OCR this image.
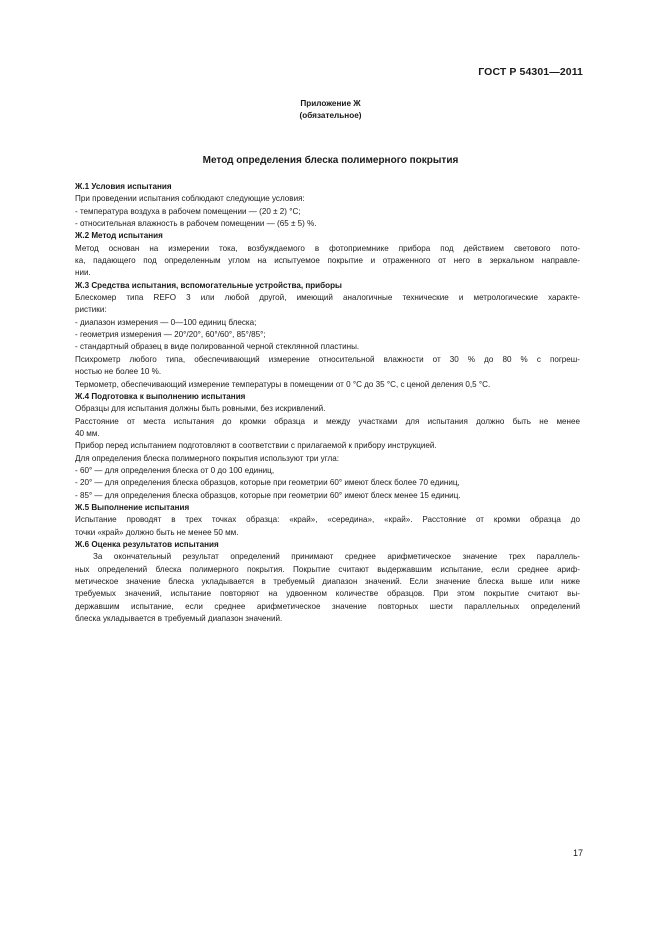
ГОСТ Р 54301—2011
Приложение Ж
(обязательное)
Метод определения блеска полимерного покрытия

Ж.1 Условия испытания

При проведении испытания соблюдают следующие условия:

- температура воздуха в рабочем помещении — (20 ± 2) °С;

- относительная влажность в рабочем помещении — (65 ± 5) %.

Ж.2 Метод испытания

Метод основан на измерении тока, возбуждаемого в фотоприемнике прибора под действием светового пото-

ка, падающего под определенным углом на испытуемое покрытие и отраженного от него в зеркальном направле-

нии.

Ж.3 Средства испытания, вспомогательные устройства, приборы

Блескомер типа REFO 3 или любой другой, имеющий аналогичные технические и метрологические характе-

ристики:

- диапазон измерения — 0—100 единиц блеска;

- геометрия измерения — 20°/20°, 60°/60°, 85°/85°;

- стандартный образец в виде полированной черной стеклянной пластины.

Психрометр любого типа, обеспечивающий измерение относительной влажности от 30 % до 80 % с погреш-

ностью не более 10 %.

Термометр, обеспечивающий измерение температуры в помещении от 0 °С до 35 °С, с ценой деления 0,5 °С.

Ж.4 Подготовка к выполнению испытания

Образцы для испытания должны быть ровными, без искривлений.

Расстояние от места испытания до кромки образца и между участками для испытания должно быть не менее

40 мм.

Прибор перед испытанием подготовляют в соответствии с прилагаемой к прибору инструкцией.

Для определения блеска полимерного покрытия используют три угла:

- 60° — для определения блеска от 0 до 100 единиц,

- 20° — для определения блеска образцов, которые при геометрии 60° имеют блеск более 70 единиц,

- 85° — для определения блеска образцов, которые при геометрии 60° имеют блеск менее 15 единиц.

Ж.5 Выполнение испытания

Испытание проводят в трех точках образца: «край», «середина», «край». Расстояние от кромки образца до

точки «край» должно быть не менее 50 мм.

Ж.6 Оценка результатов испытания

За окончательный результат определений принимают среднее арифметическое значение трех параллель-

ных определений блеска полимерного покрытия. Покрытие считают выдержавшим испытание, если среднее ариф-

метическое значение блеска укладывается в требуемый диапазон значений. Если значение блеска выше или ниже

требуемых значений, испытание повторяют на удвоенном количестве образцов. При этом покрытие считают вы-

державшим испытание, если среднее арифметическое значение повторных шести параллельных определений

блеска укладывается в требуемый диапазон значений.

17
